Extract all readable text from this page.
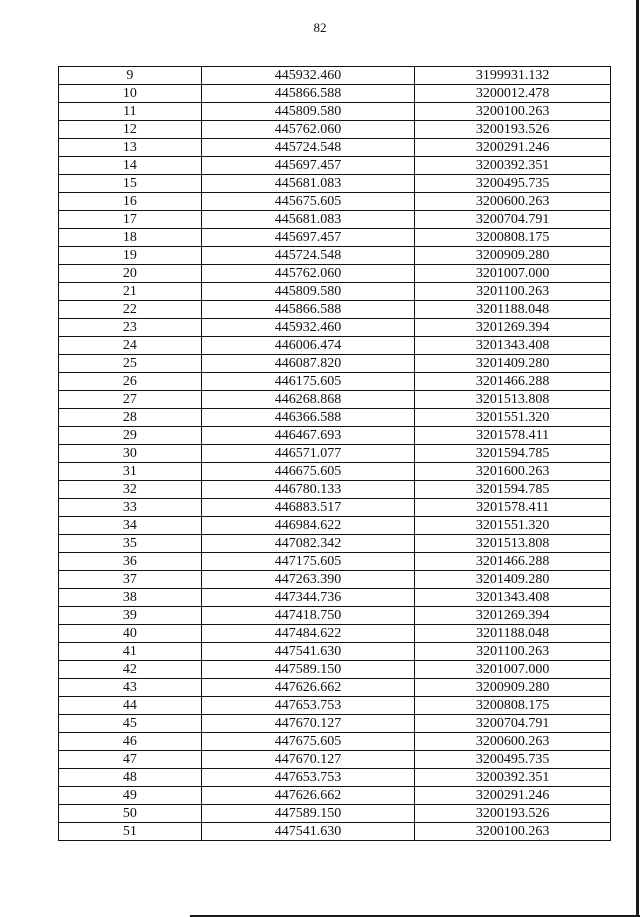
82
9	445932.460	3199931.132
10	445866.588	3200012.478
11	445809.580	3200100.263
12	445762.060	3200193.526
13	445724.548	3200291.246
14	445697.457	3200392.351
15	445681.083	3200495.735
16	445675.605	3200600.263
17	445681.083	3200704.791
18	445697.457	3200808.175
19	445724.548	3200909.280
20	445762.060	3201007.000
21	445809.580	3201100.263
22	445866.588	3201188.048
23	445932.460	3201269.394
24	446006.474	3201343.408
25	446087.820	3201409.280
26	446175.605	3201466.288
27	446268.868	3201513.808
28	446366.588	3201551.320
29	446467.693	3201578.411
30	446571.077	3201594.785
31	446675.605	3201600.263
32	446780.133	3201594.785
33	446883.517	3201578.411
34	446984.622	3201551.320
35	447082.342	3201513.808
36	447175.605	3201466.288
37	447263.390	3201409.280
38	447344.736	3201343.408
39	447418.750	3201269.394
40	447484.622	3201188.048
41	447541.630	3201100.263
42	447589.150	3201007.000
43	447626.662	3200909.280
44	447653.753	3200808.175
45	447670.127	3200704.791
46	447675.605	3200600.263
47	447670.127	3200495.735
48	447653.753	3200392.351
49	447626.662	3200291.246
50	447589.150	3200193.526
51	447541.630	3200100.263
